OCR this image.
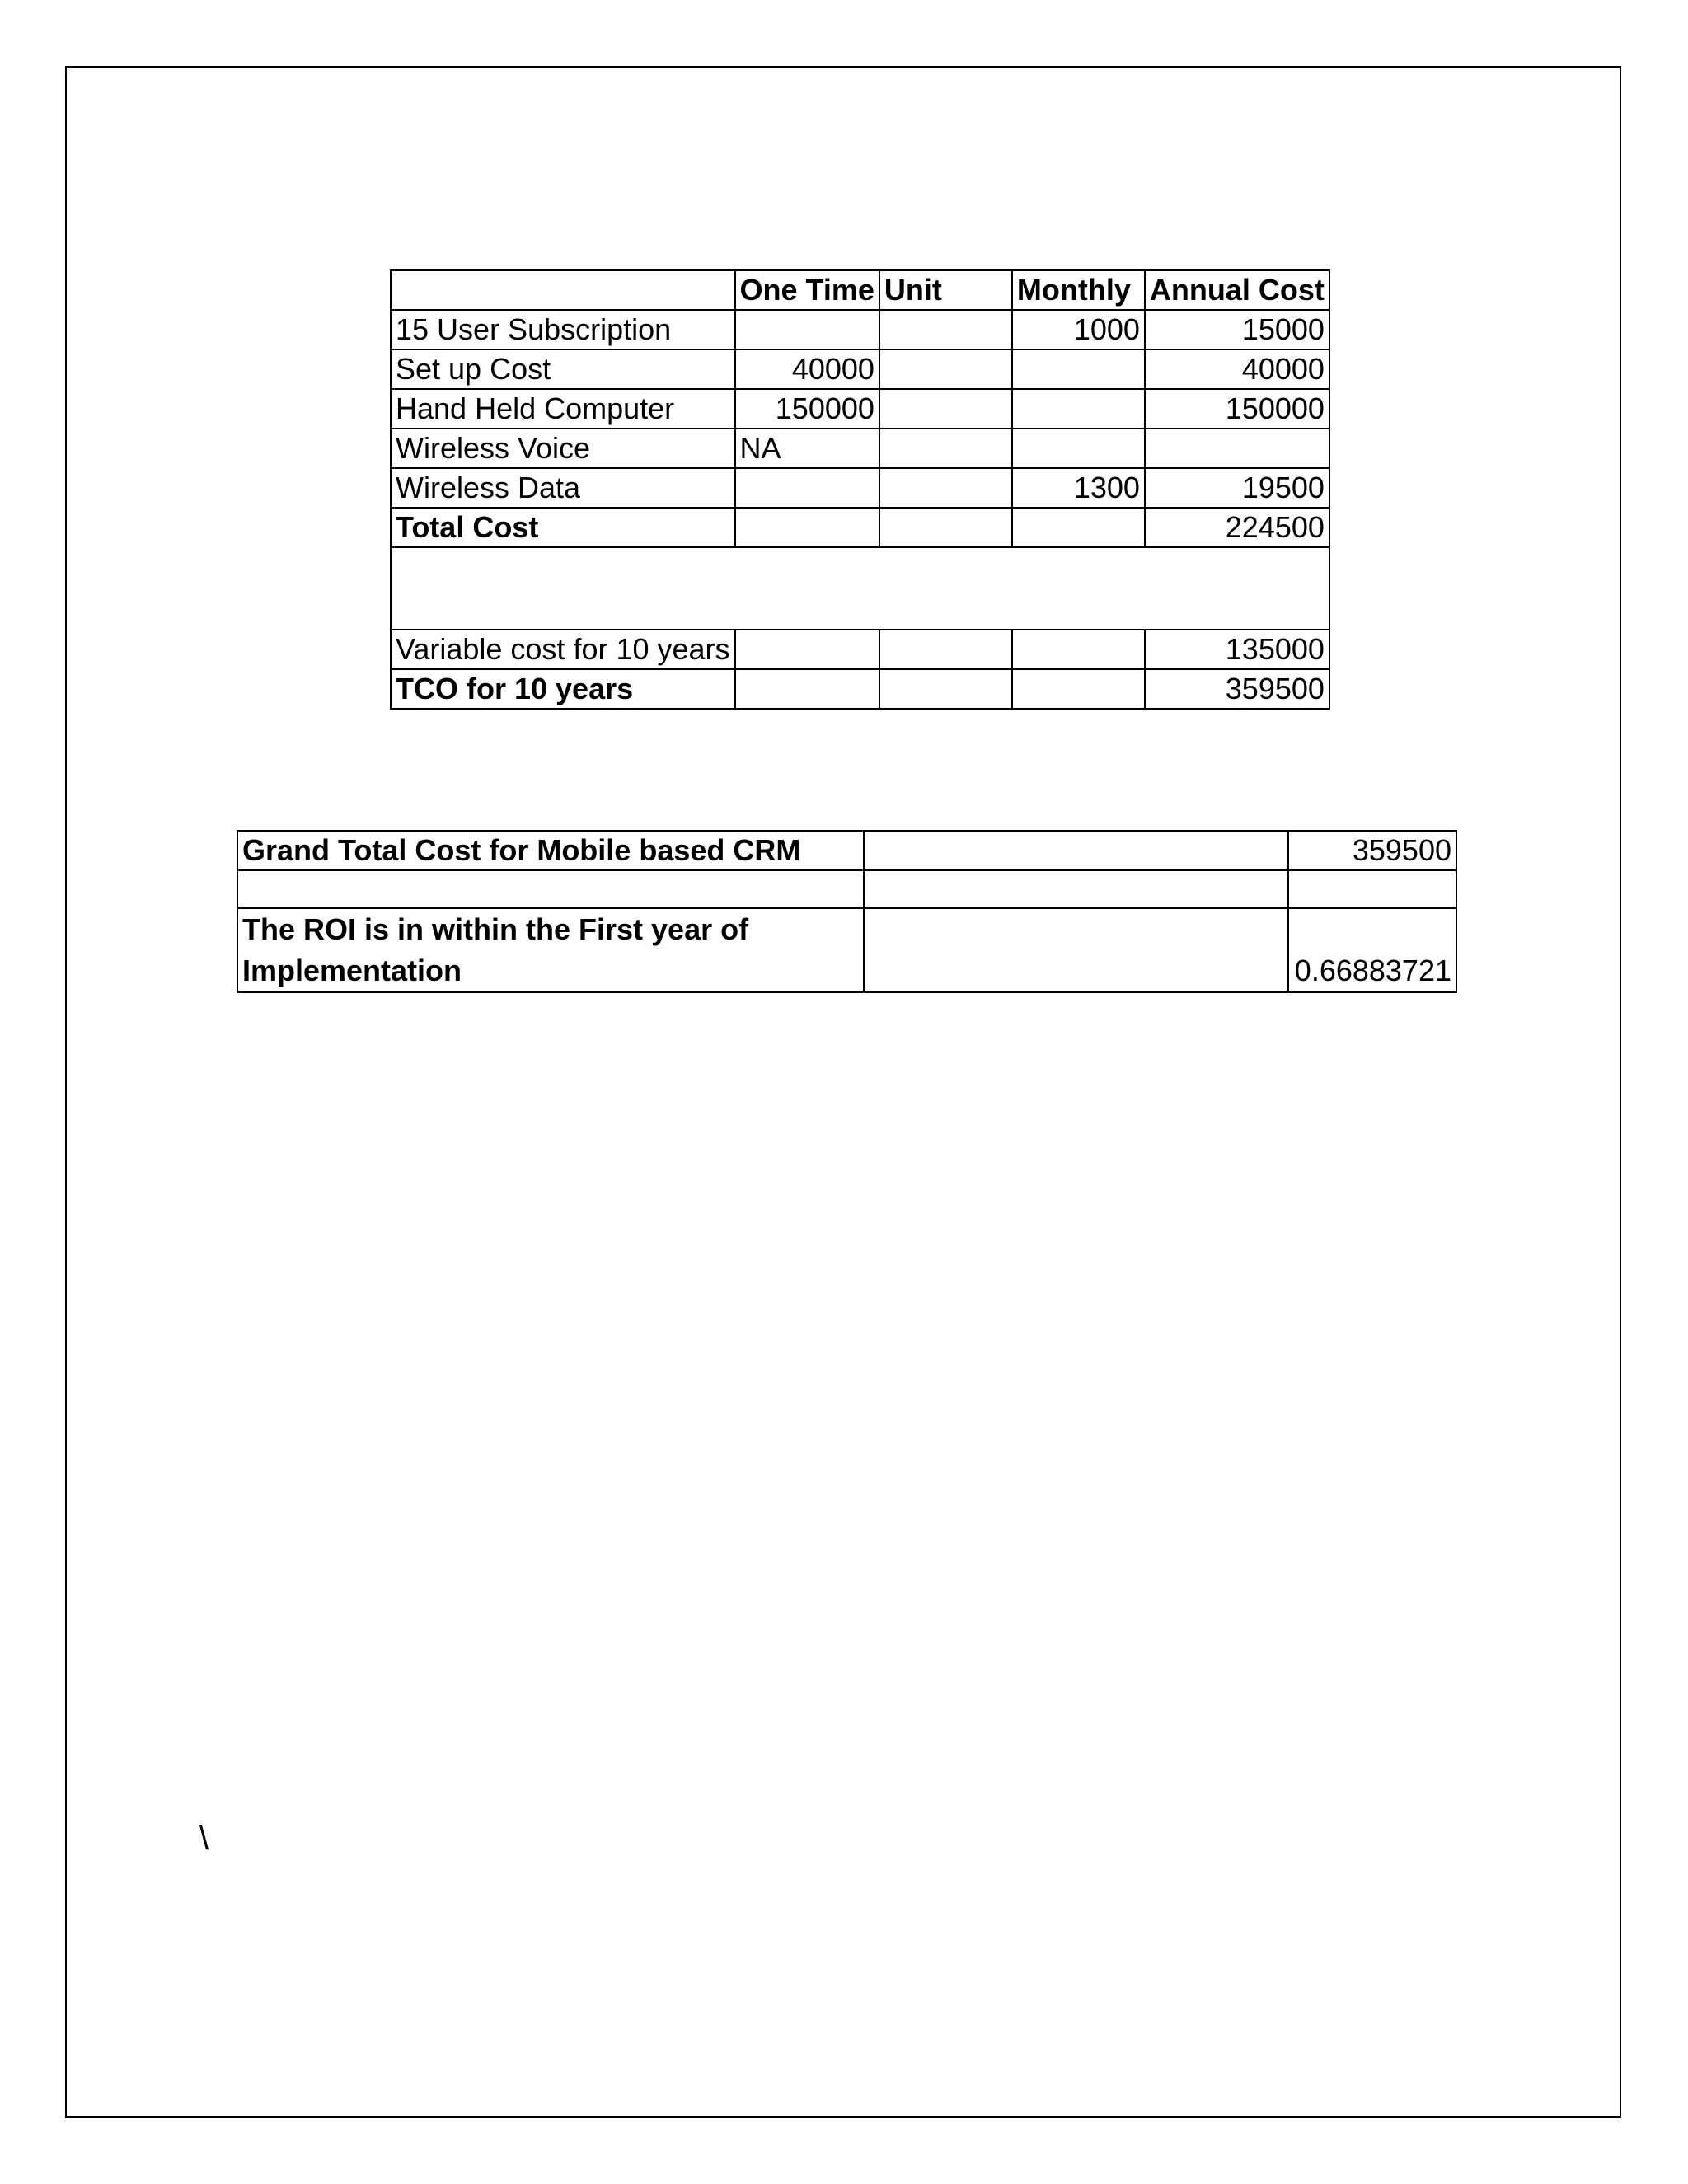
	One Time	Unit	Monthly	Annual Cost
15 User Subscription			1000	15000
Set up Cost	40000			40000
Hand Held Computer	150000			150000
Wireless Voice	NA			
Wireless Data			1300	19500
Total Cost				224500

Variable cost for 10 years				135000
TCO for 10 years				359500
Grand Total Cost for Mobile based CRM		359500

The ROI is in within the First year of Implementation		0.66883721
\
